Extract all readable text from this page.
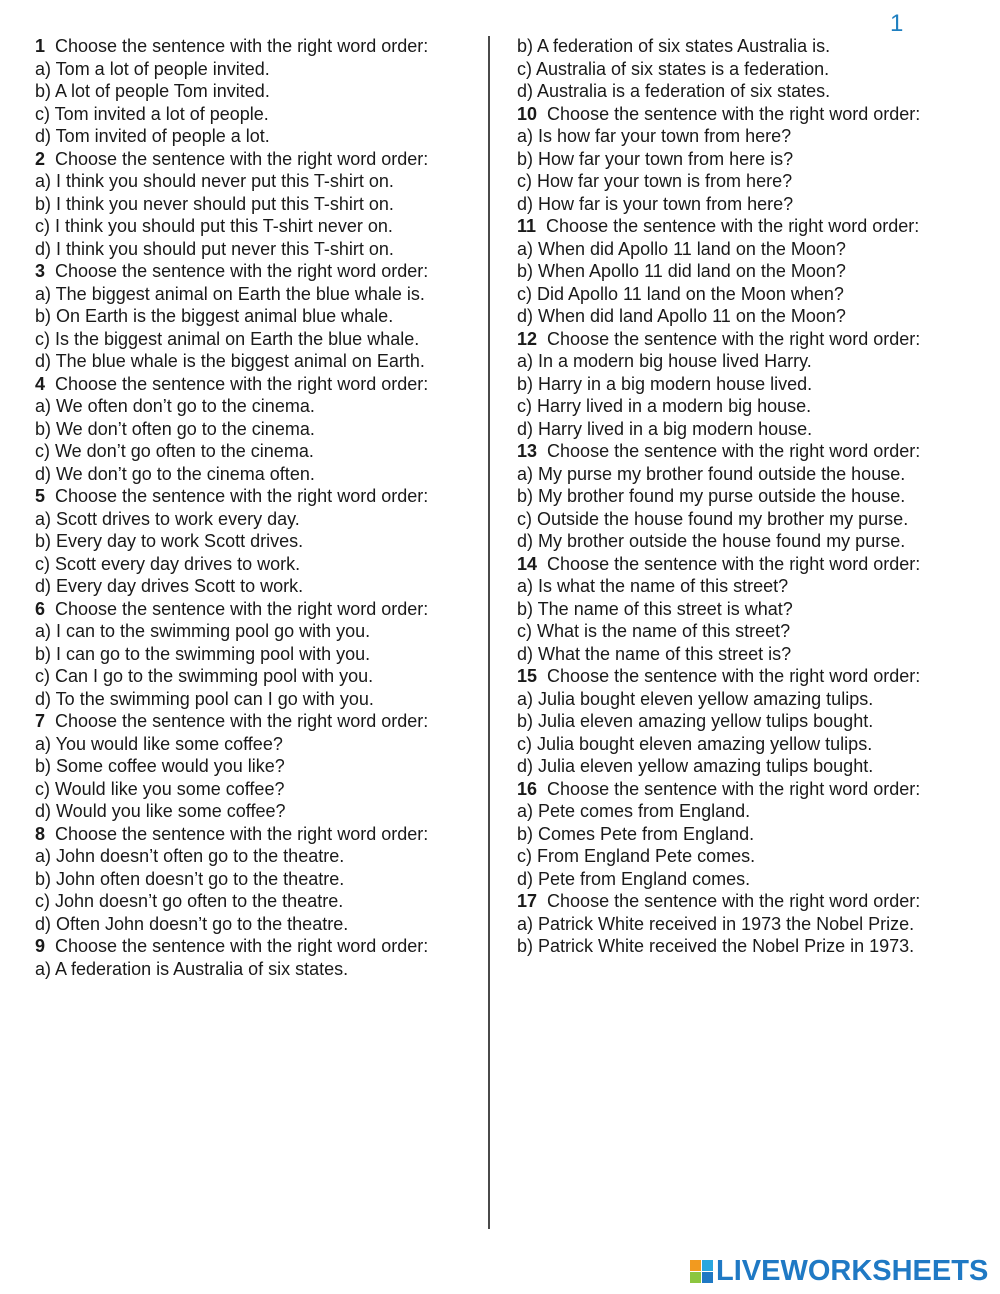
1

1 Choose the sentence with the right word order:

a) Tom a lot of people invited.

b) A lot of people Tom invited.

c) Tom invited a lot of people.

d) Tom invited of people a lot.

2 Choose the sentence with the right word order:

a) I think you should never put this T-shirt on.

b) I think you never should put this T-shirt on.

c) I think you should put this T-shirt never on.

d) I think you should put never this T-shirt on.

3 Choose the sentence with the right word order:

a) The biggest animal on Earth the blue whale is.

b) On Earth is the biggest animal blue whale.

c) Is the biggest animal on Earth the blue whale.

d) The blue whale is the biggest animal on Earth.

4 Choose the sentence with the right word order:

a) We often don’t go to the cinema.

b) We don’t often go to the cinema.

c) We don’t go often to the cinema.

d) We don’t go to the cinema often.

5 Choose the sentence with the right word order:

a) Scott drives to work every day.

b) Every day to work Scott drives.

c) Scott every day drives to work.

d) Every day drives Scott to work.

6 Choose the sentence with the right word order:

a) I can to the swimming pool go with you.

b) I can go to the swimming pool with you.

c) Can I go to the swimming pool with you.

d) To the swimming pool can I go with you.

7 Choose the sentence with the right word order:

a) You would like some coffee?

b) Some coffee would you like?

c) Would like you some coffee?

d) Would you like some coffee?

8 Choose the sentence with the right word order:

a) John doesn’t often go to the theatre.

b) John often doesn’t go to the theatre.

c) John doesn’t go often to the theatre.

d) Often John doesn’t go to the theatre.

9 Choose the sentence with the right word order:

a) A federation is Australia of six states.

b) A federation of six states Australia is.

c) Australia of six states is a federation.

d) Australia is a federation of six states.

10 Choose the sentence with the right word order:

a) Is how far your town from here?

b) How far your town from here is?

c) How far your town is from here?

d) How far is your town from here?

11 Choose the sentence with the right word order:

a) When did Apollo 11 land on the Moon?

b) When Apollo 11 did land on the Moon?

c) Did Apollo 11 land on the Moon when?

d) When did land Apollo 11 on the Moon?

12 Choose the sentence with the right word order:

a) In a modern big house lived Harry.

b) Harry in a big modern house lived.

c) Harry lived in a modern big house.

d) Harry lived in a big modern house.

13 Choose the sentence with the right word order:

a) My purse my brother found outside the house.

b) My brother found my purse outside the house.

c) Outside the house found my brother my purse.

d) My brother outside the house found my purse.

14 Choose the sentence with the right word order:

a) Is what the name of this street?

b) The name of this street is what?

c) What is the name of this street?

d) What the name of this street is?

15 Choose the sentence with the right word order:

a) Julia bought eleven yellow amazing tulips.

b) Julia eleven amazing yellow tulips bought.

c) Julia bought eleven amazing yellow tulips.

d) Julia eleven yellow amazing tulips bought.

16 Choose the sentence with the right word order:

a) Pete comes from England.

b) Comes Pete from England.

c) From England Pete comes.

d) Pete from England comes.

17 Choose the sentence with the right word order:

a) Patrick White received in 1973 the Nobel Prize.

b) Patrick White received the Nobel Prize in 1973.

LIVEWORKSHEETS
